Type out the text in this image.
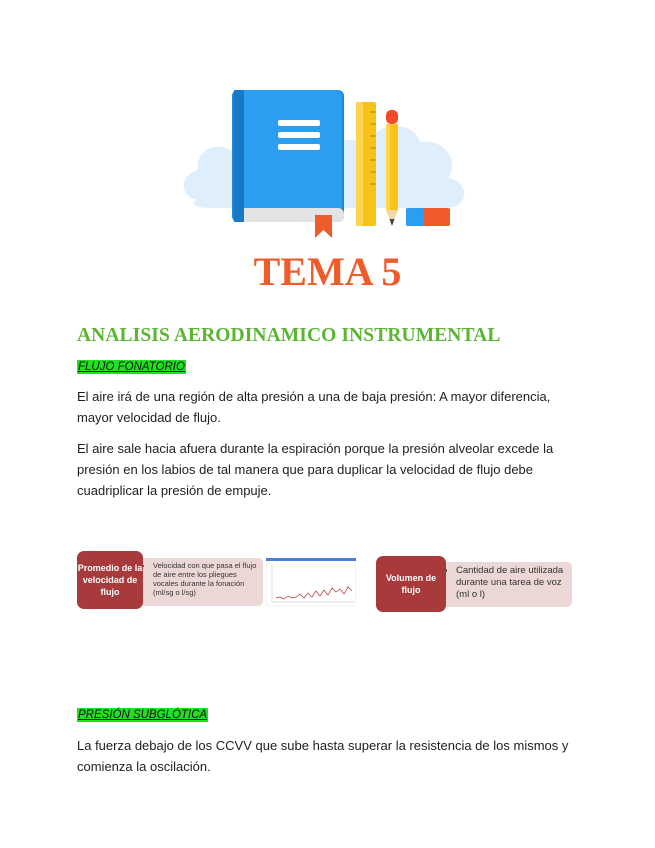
TEMA 5
ANALISIS AERODINAMICO INSTRUMENTAL
FLUJO FONATORIO
El aire irá de una región de alta presión a una de baja presión: A mayor diferencia, mayor velocidad de flujo.
El aire sale hacia afuera durante la espiración porque la presión alveolar excede la presión en los labios de tal manera que para duplicar la velocidad de flujo debe cuadriplicar la presión de empuje.
• Velocidad con que pasa el flujo de aire entre los pliegues vocales durante la fonación (ml/sg o l/sg)
Promedio de la velocidad de flujo
• Cantidad de aire utilizada durante una tarea de voz (ml o l)
Volumen de flujo
PRESIÓN SUBGLÓTICA
La fuerza debajo de los CCVV que sube hasta superar la resistencia de los mismos y comienza la oscilación.
